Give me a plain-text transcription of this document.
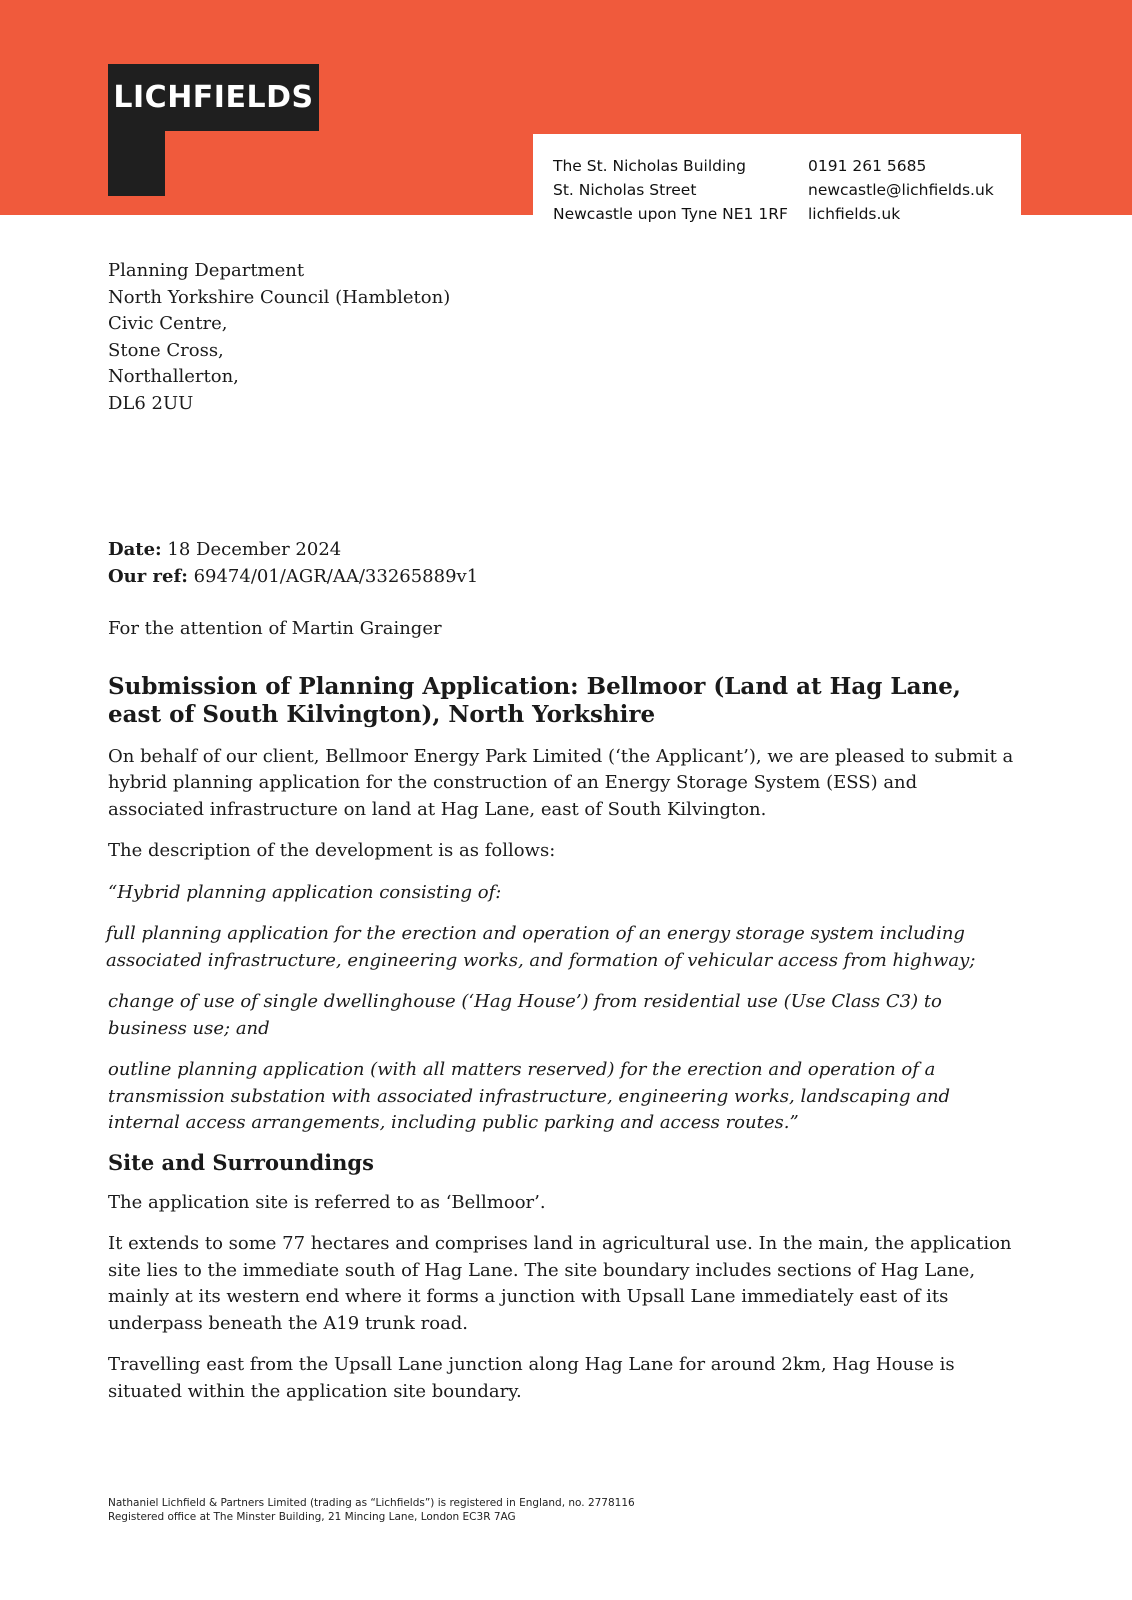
LICHFIELDS
The St. Nicholas Building
St. Nicholas Street
Newcastle upon Tyne NE1 1RF
0191 261 5685
newcastle@lichfields.uk
lichfields.uk
Planning Department
North Yorkshire Council (Hambleton)
Civic Centre,
Stone Cross,
Northallerton,
DL6 2UU
Date: 18 December 2024
Our ref: 69474/01/AGR/AA/33265889v1
For the attention of Martin Grainger
Submission of Planning Application: Bellmoor (Land at Hag Lane, east of South Kilvington), North Yorkshire

On behalf of our client, Bellmoor Energy Park Limited (‘the Applicant’), we are pleased to submit a hybrid planning application for the construction of an Energy Storage System (ESS) and associated infrastructure on land at Hag Lane, east of South Kilvington.

The description of the development is as follows:

“Hybrid planning application consisting of:

full planning application for the erection and operation of an energy storage system including associated infrastructure, engineering works, and formation of vehicular access from highway;

change of use of single dwellinghouse (‘Hag House’) from residential use (Use Class C3) to business use; and

outline planning application (with all matters reserved) for the erection and operation of a transmission substation with associated infrastructure, engineering works, landscaping and internal access arrangements, including public parking and access routes.”

Site and Surroundings

The application site is referred to as ‘Bellmoor’.

It extends to some 77 hectares and comprises land in agricultural use. In the main, the application site lies to the immediate south of Hag Lane. The site boundary includes sections of Hag Lane, mainly at its western end where it forms a junction with Upsall Lane immediately east of its underpass beneath the A19 trunk road.

Travelling east from the Upsall Lane junction along Hag Lane for around 2km, Hag House is situated within the application site boundary.

Nathaniel Lichfield & Partners Limited (trading as “Lichfields”) is registered in England, no. 2778116
Registered office at The Minster Building, 21 Mincing Lane, London EC3R 7AG
